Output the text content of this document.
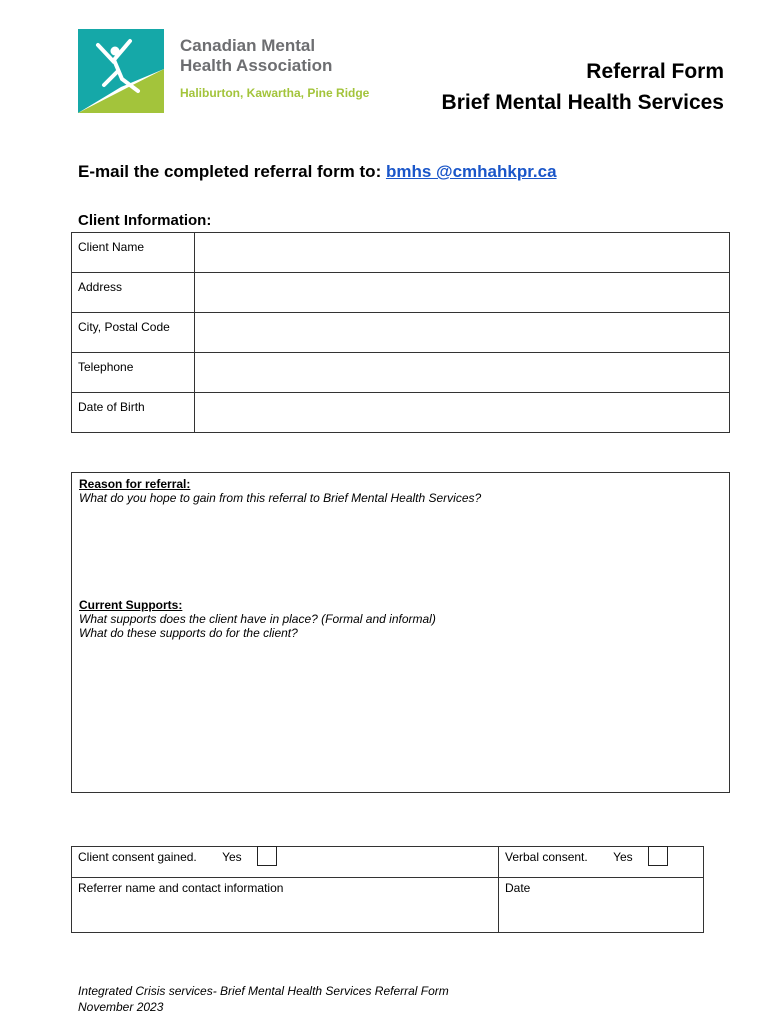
Canadian Mental
Health Association
Haliburton, Kawartha, Pine Ridge
Referral Form
Brief Mental Health Services
E-mail the completed referral form to: bmhs @cmhahkpr.ca
Client Information:
Client Name	
Address	
City, Postal Code	
Telephone	
Date of Birth	
Reason for referral:
What do you hope to gain from this referral to Brief Mental Health Services?
Current Supports:
What supports does the client have in place? (Formal and informal)
What do these supports do for the client?
Client consent gained. Yes	Verbal consent. Yes
Referrer name and contact information	Date
Integrated Crisis services- Brief Mental Health Services Referral Form
November 2023
